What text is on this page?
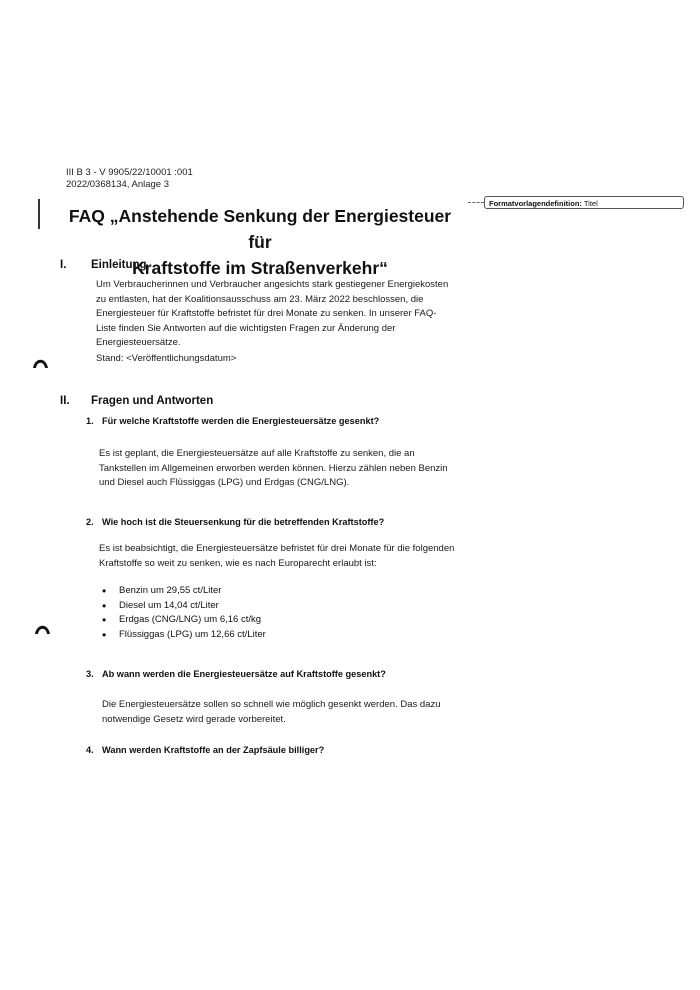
III B 3 - V 9905/22/10001 :001
2022/0368134, Anlage 3
Formatvorlagendefinition: Titel
FAQ „Anstehende Senkung der Energiesteuer für
Kraftstoffe im Straßenverkehr“
I. Einleitung
Um Verbraucherinnen und Verbraucher angesichts stark gestiegener Energiekosten zu entlasten, hat der Koalitionsausschuss am 23. März 2022 beschlossen, die Energiesteuer für Kraftstoffe befristet für drei Monate zu senken. In unserer FAQ-Liste finden Sie Antworten auf die wichtigsten Fragen zur Änderung der Energiesteuersätze.
Stand: <Veröffentlichungsdatum>
II. Fragen und Antworten
1. Für welche Kraftstoffe werden die Energiesteuersätze gesenkt?
Es ist geplant, die Energiesteuersätze auf alle Kraftstoffe zu senken, die an Tankstellen im Allgemeinen erworben werden können. Hierzu zählen neben Benzin und Diesel auch Flüssiggas (LPG) und Erdgas (CNG/LNG).
2. Wie hoch ist die Steuersenkung für die betreffenden Kraftstoffe?
Es ist beabsichtigt, die Energiesteuersätze befristet für drei Monate für die folgenden Kraftstoffe so weit zu senken, wie es nach Europarecht erlaubt ist:
• Benzin um 29,55 ct/Liter
• Diesel um 14,04 ct/Liter
• Erdgas (CNG/LNG) um 6,16 ct/kg
• Flüssiggas (LPG) um 12,66 ct/Liter
3. Ab wann werden die Energiesteuersätze auf Kraftstoffe gesenkt?
Die Energiesteuersätze sollen so schnell wie möglich gesenkt werden. Das dazu notwendige Gesetz wird gerade vorbereitet.
4. Wann werden Kraftstoffe an der Zapfsäule billiger?
